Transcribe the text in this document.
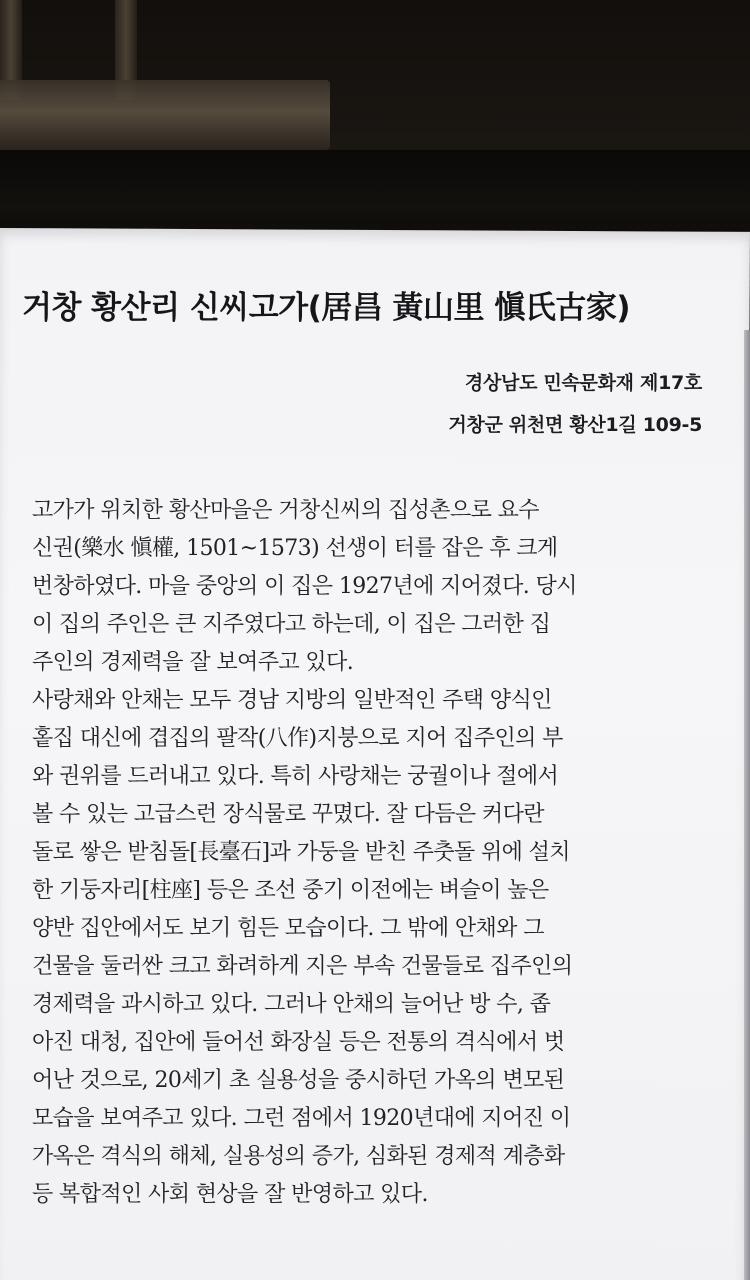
거창 황산리 신씨고가(居昌 黃山里 愼氏古家)
경상남도 민속문화재 제17호
거창군 위천면 황산1길 109-5
고가가 위치한 황산마을은 거창신씨의 집성촌으로 요수
신권(樂水 愼權, 1501~1573) 선생이 터를 잡은 후 크게
번창하였다. 마을 중앙의 이 집은 1927년에 지어졌다. 당시
이 집의 주인은 큰 지주였다고 하는데, 이 집은 그러한 집
주인의 경제력을 잘 보여주고 있다.
사랑채와 안채는 모두 경남 지방의 일반적인 주택 양식인
홑집 대신에 겹집의 팔작(八作)지붕으로 지어 집주인의 부
와 권위를 드러내고 있다. 특히 사랑채는 궁궐이나 절에서
볼 수 있는 고급스런 장식물로 꾸몄다. 잘 다듬은 커다란
돌로 쌓은 받침돌[長臺石]과 가둥을 받친 주춧돌 위에 설치
한 기둥자리[柱座] 등은 조선 중기 이전에는 벼슬이 높은
양반 집안에서도 보기 힘든 모습이다. 그 밖에 안채와 그
건물을 둘러싼 크고 화려하게 지은 부속 건물들로 집주인의
경제력을 과시하고 있다. 그러나 안채의 늘어난 방 수, 좁
아진 대청, 집안에 들어선 화장실 등은 전통의 격식에서 벗
어난 것으로, 20세기 초 실용성을 중시하던 가옥의 변모된
모습을 보여주고 있다. 그런 점에서 1920년대에 지어진 이
가옥은 격식의 해체, 실용성의 증가, 심화된 경제적 계층화
등 복합적인 사회 현상을 잘 반영하고 있다.
